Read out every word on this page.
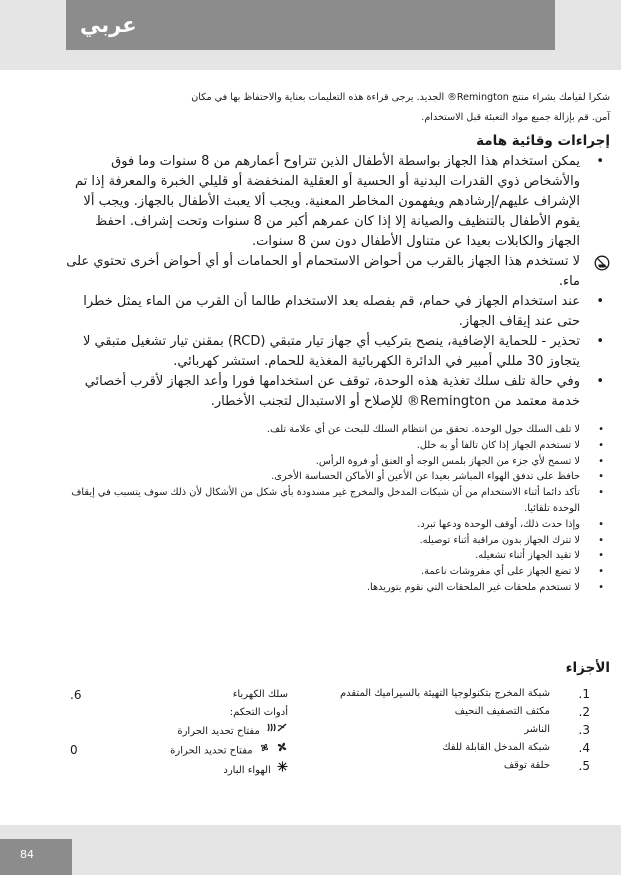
عربي
شكرا لقيامك بشراء منتج Remington® الجديد. يرجى قراءة هذه التعليمات بعناية والاحتفاظ بها في مكان
آمن. قم بإزالة جميع مواد التعبئة قبل الاستخدام.
إجراءات وقائية هامة
•
يمكن استخدام هذا الجهاز بواسطة الأطفال الذين تتراوح أعمارهم من 8 سنوات وما فوق والأشخاص ذوي القدرات البدنية أو الحسية أو العقلية المنخفضة أو قليلي الخبرة والمعرفة إذا تم الإشراف عليهم/إرشادهم ويفهمون المخاطر المعنية. ويجب ألا يعبث الأطفال بالجهاز. ويجب ألا يقوم الأطفال بالتنظيف والصيانة إلا إذا كان عمرهم أكبر من 8 سنوات وتحت إشراف. احفظ الجهاز والكابلات بعيدا عن متناول الأطفال دون سن 8 سنوات.
لا تستخدم هذا الجهاز بالقرب من أحواض الاستحمام أو الحمامات أو أي أحواض أخرى تحتوي على ماء.
•
عند استخدام الجهاز في حمام، قم بفصله بعد الاستخدام طالما أن القرب من الماء يمثل خطرا حتى عند إيقاف الجهاز.
•
تحذير - للحماية الإضافية، ينصح بتركيب أي جهاز تيار متبقي (RCD) بمقنن تيار تشغيل متبقي لا يتجاوز 30 مللي أمبير في الدائرة الكهربائية المغذية للحمام. استشر كهربائي.
•
وفي حالة تلف سلك تغذية هذه الوحدة، توقف عن استخدامها فورا وأعد الجهاز لأقرب أخصائي خدمة معتمد من Remington® للإصلاح أو الاستبدال لتجنب الأخطار.
•
لا تلف السلك حول الوحدة. تحقق من انتظام السلك للبحث عن أي علامة تلف.
•
لا تستخدم الجهاز إذا كان تالفا أو به خلل.
•
لا تسمح لأي جزء من الجهاز بلمس الوجه أو العنق أو فروة الرأس.
•
حافظ على تدفق الهواء المباشر بعيدا عن الأعين أو الأماكن الحساسة الأخرى.
•
تأكد دائما أثناء الاستخدام من أن شبكات المدخل والمخرج غير مسدودة بأي شكل من الأشكال لأن ذلك سوف يتسبب في إيقاف الوحدة تلقائيا.
•
وإذا حدث ذلك، أوقف الوحدة ودعها تبرد.
•
لا تترك الجهاز بدون مراقبة أثناء توصيله.
•
لا تقيد الجهاز أثناء تشغيله.
•
لا تضع الجهاز على أي مفروشات ناعمة.
•
لا تستخدم ملحقات غير الملحقات التي نقوم بتوريدها.
الأجزاء
1.
شبكة المخرج بتكنولوجيا التهيئة بالسيراميك المتقدم
2.
مكثف التصفيف النحيف
3.
الناشر
4.
شبكة المدخل القابلة للفك
5.
حلقة توقف
6.	سلك الكهرباء
أدوات التحكم:
مفتاح تحديد الحرارة
0	مفتاح تحديد الحرارة
الهواء البارد
84
